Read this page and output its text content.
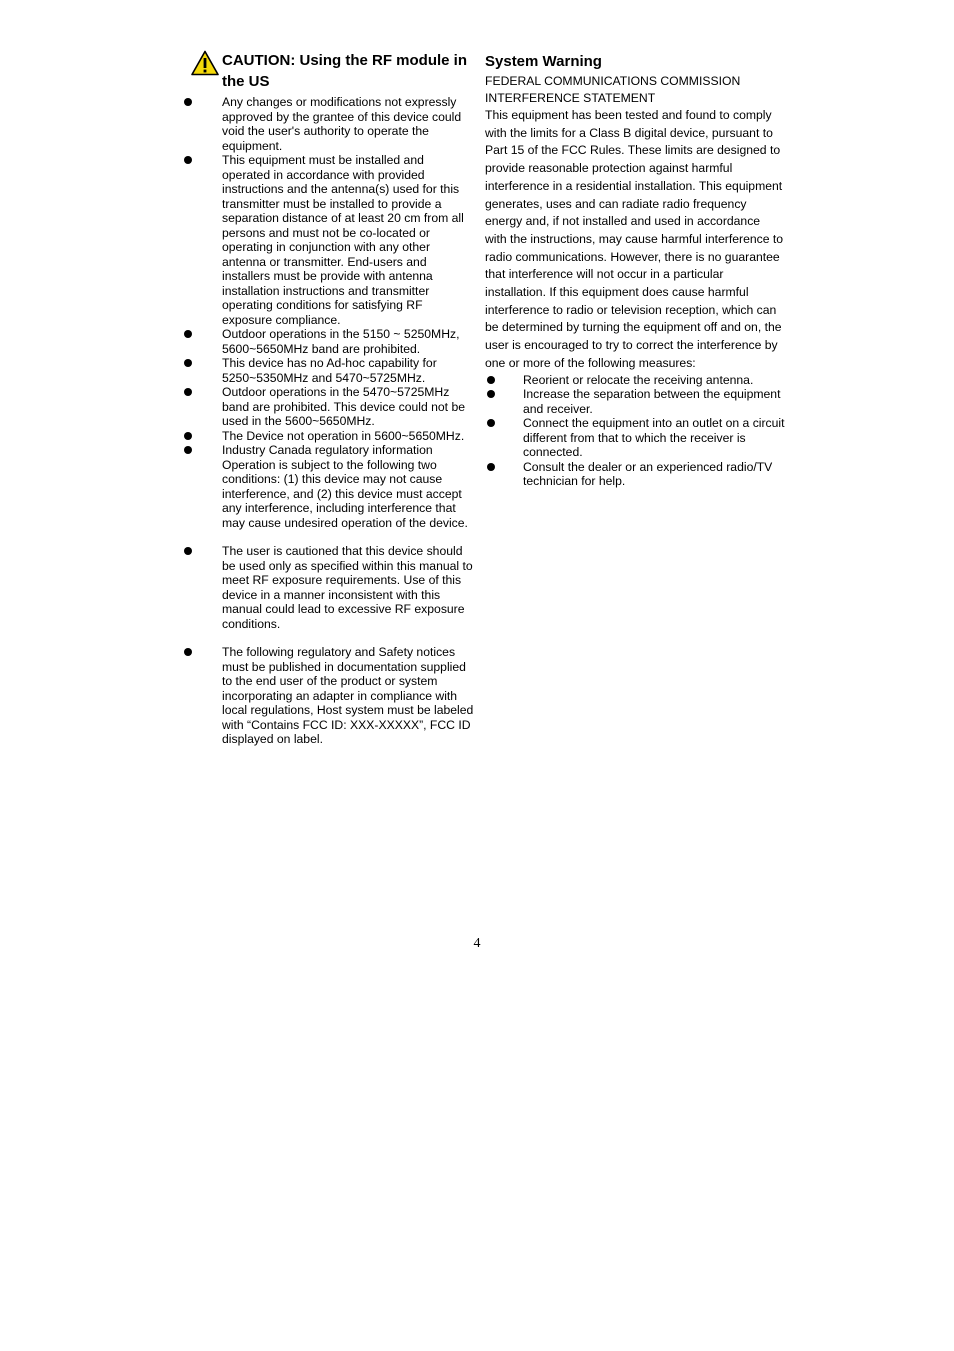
CAUTION: Using the RF module in the US

Any changes or modifications not expressly approved by the grantee of this device could void the user's authority to operate the equipment.
This equipment must be installed and operated in accordance with provided instructions and the antenna(s) used for this transmitter must be installed to provide a separation distance of at least 20 cm from all persons and must not be co-located or operating in conjunction with any other antenna or transmitter. End-users and installers must be provide with antenna installation instructions and transmitter operating conditions for satisfying RF exposure compliance.
Outdoor operations in the 5150 ~ 5250MHz, 5600~5650MHz band are prohibited.
This device has no Ad-hoc capability for 5250~5350MHz and 5470~5725MHz.
Outdoor operations in the 5470~5725MHz band are prohibited. This device could not be used in the 5600~5650MHz.
The Device not operation in 5600~5650MHz.
Industry Canada regulatory information Operation is subject to the following two conditions: (1) this device may not cause interference, and (2) this device must accept any interference, including interference that may cause undesired operation of the device.
The user is cautioned that this device should be used only as specified within this manual to meet RF exposure requirements. Use of this device in a manner inconsistent with this manual could lead to excessive RF exposure conditions.
The following regulatory and Safety notices must be published in documentation supplied to the end user of the product or system incorporating an adapter in compliance with local regulations, Host system must be labeled with “Contains FCC ID: XXX-XXXXX”, FCC ID displayed on label.

System Warning

FEDERAL COMMUNICATIONS COMMISSION
INTERFERENCE STATEMENT

This equipment has been tested and found to comply with the limits for a Class B digital device, pursuant to Part 15 of the FCC Rules. These limits are designed to provide reasonable protection against harmful interference in a residential installation. This equipment generates, uses and can radiate radio frequency energy and, if not installed and used in accordance with the instructions, may cause harmful interference to radio communications. However, there is no guarantee that interference will not occur in a particular installation. If this equipment does cause harmful interference to radio or television reception, which can be determined by turning the equipment off and on, the user is encouraged to try to correct the interference by one or more of the following measures:

Reorient or relocate the receiving antenna.
Increase the separation between the equipment and receiver.
Connect the equipment into an outlet on a circuit different from that to which the receiver is connected.
Consult the dealer or an experienced radio/TV technician for help.
4
